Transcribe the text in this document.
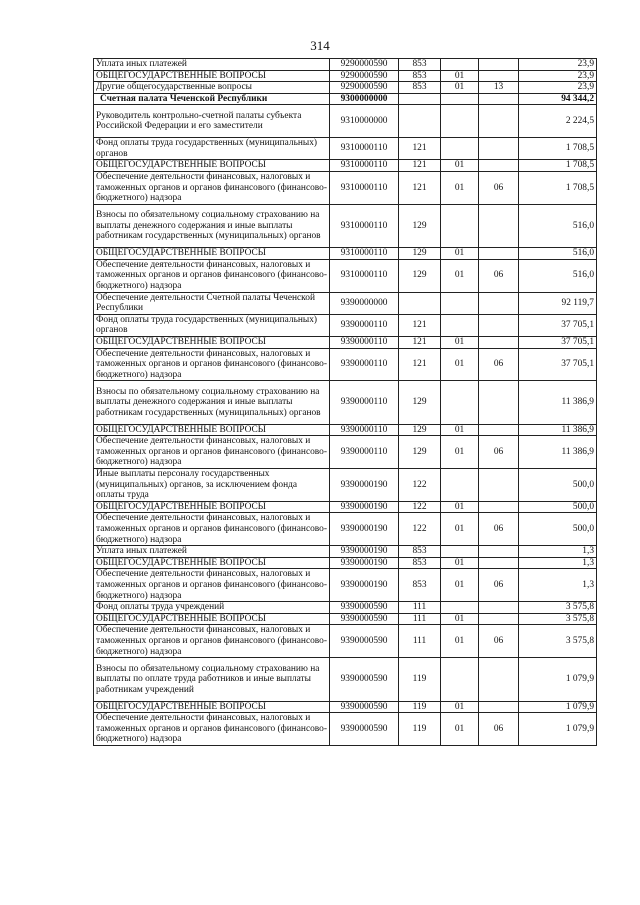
314
Уплата иных платежей	9290000590	853			23,9
ОБЩЕГОСУДАРСТВЕННЫЕ ВОПРОСЫ	9290000590	853	01		23,9
Другие общегосударственные вопросы	9290000590	853	01	13	23,9
Счетная палата Чеченской Республики	9300000000				94 344,2
Руководитель контрольно-счетной палаты субъекта Российской Федерации и его заместители	9310000000				2 224,5
Фонд оплаты труда государственных (муниципальных) органов	9310000110	121			1 708,5
ОБЩЕГОСУДАРСТВЕННЫЕ ВОПРОСЫ	9310000110	121	01		1 708,5
Обеспечение деятельности финансовых, налоговых и таможенных органов и органов финансового (финансово-бюджетного) надзора	9310000110	121	01	06	1 708,5
Взносы по обязательному социальному страхованию на выплаты денежного содержания и иные выплаты работникам государственных (муниципальных) органов	9310000110	129			516,0
ОБЩЕГОСУДАРСТВЕННЫЕ ВОПРОСЫ	9310000110	129	01		516,0
Обеспечение деятельности финансовых, налоговых и таможенных органов и органов финансового (финансово-бюджетного) надзора	9310000110	129	01	06	516,0
Обеспечение деятельности Счетной палаты Чеченской Республики	9390000000				92 119,7
Фонд оплаты труда государственных (муниципальных) органов	9390000110	121			37 705,1
ОБЩЕГОСУДАРСТВЕННЫЕ ВОПРОСЫ	9390000110	121	01		37 705,1
Обеспечение деятельности финансовых, налоговых и таможенных органов и органов финансового (финансово-бюджетного) надзора	9390000110	121	01	06	37 705,1
Взносы по обязательному социальному страхованию на выплаты денежного содержания и иные выплаты работникам государственных (муниципальных) органов	9390000110	129			11 386,9
ОБЩЕГОСУДАРСТВЕННЫЕ ВОПРОСЫ	9390000110	129	01		11 386,9
Обеспечение деятельности финансовых, налоговых и таможенных органов и органов финансового (финансово-бюджетного) надзора	9390000110	129	01	06	11 386,9
Иные выплаты персоналу государственных (муниципальных) органов, за исключением фонда оплаты труда	9390000190	122			500,0
ОБЩЕГОСУДАРСТВЕННЫЕ ВОПРОСЫ	9390000190	122	01		500,0
Обеспечение деятельности финансовых, налоговых и таможенных органов и органов финансового (финансово-бюджетного) надзора	9390000190	122	01	06	500,0
Уплата иных платежей	9390000190	853			1,3
ОБЩЕГОСУДАРСТВЕННЫЕ ВОПРОСЫ	9390000190	853	01		1,3
Обеспечение деятельности финансовых, налоговых и таможенных органов и органов финансового (финансово-бюджетного) надзора	9390000190	853	01	06	1,3
Фонд оплаты труда учреждений	9390000590	111			3 575,8
ОБЩЕГОСУДАРСТВЕННЫЕ ВОПРОСЫ	9390000590	111	01		3 575,8
Обеспечение деятельности финансовых, налоговых и таможенных органов и органов финансового (финансово-бюджетного) надзора	9390000590	111	01	06	3 575,8
Взносы по обязательному социальному страхованию на выплаты по оплате труда работников и иные выплаты работникам учреждений	9390000590	119			1 079,9
ОБЩЕГОСУДАРСТВЕННЫЕ ВОПРОСЫ	9390000590	119	01		1 079,9
Обеспечение деятельности финансовых, налоговых и таможенных органов и органов финансового (финансово-бюджетного) надзора	9390000590	119	01	06	1 079,9
